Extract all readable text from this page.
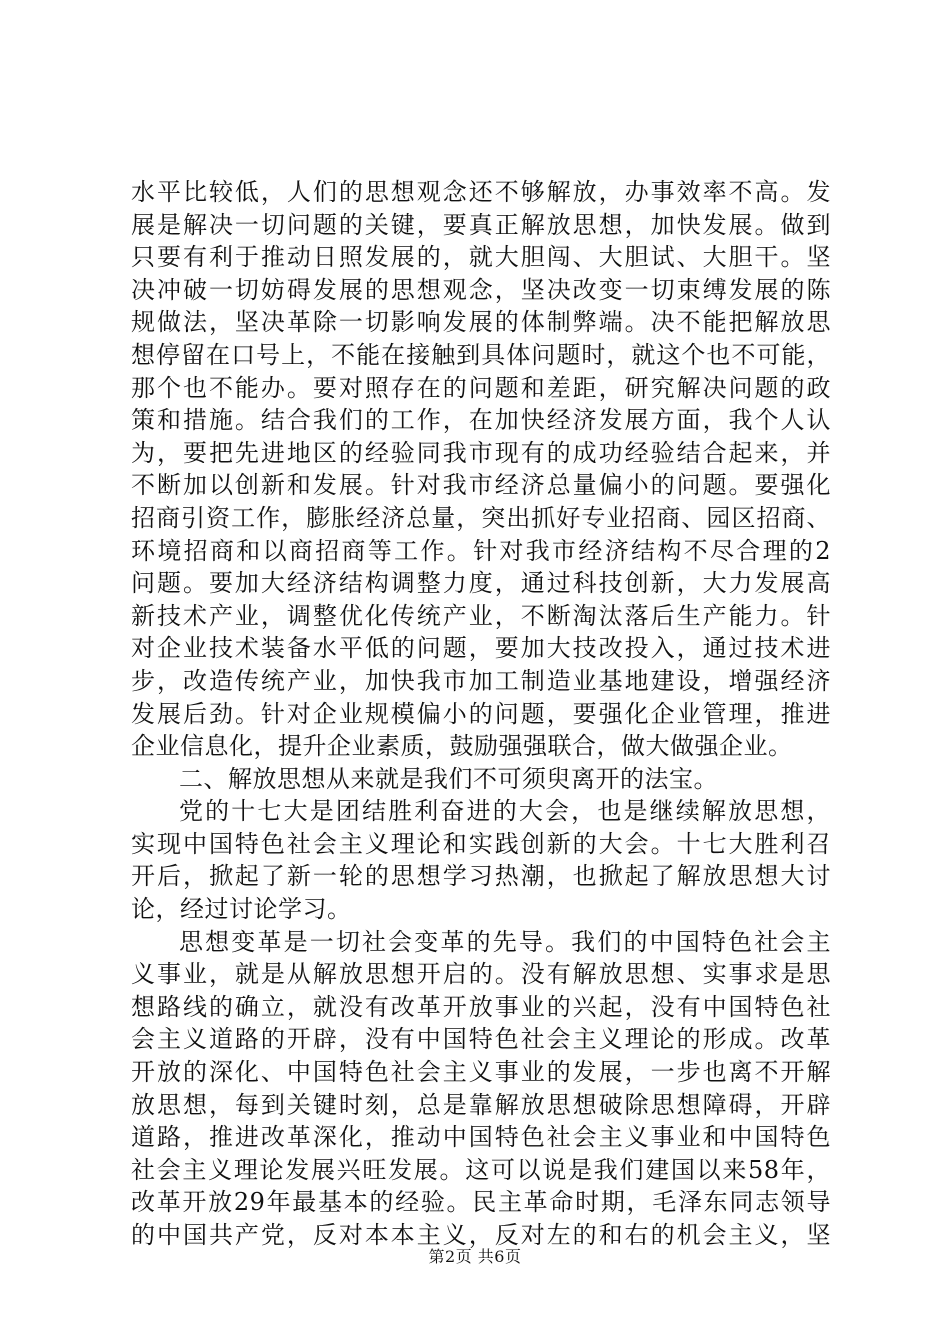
水平比较低，人们的思想观念还不够解放，办事效率不高。发
展是解决一切问题的关键，要真正解放思想，加快发展。做到
只要有利于推动日照发展的，就大胆闯、大胆试、大胆干。坚
决冲破一切妨碍发展的思想观念，坚决改变一切束缚发展的陈
规做法，坚决革除一切影响发展的体制弊端。决不能把解放思
想停留在口号上，不能在接触到具体问题时，就这个也不可能，
那个也不能办。要对照存在的问题和差距，研究解决问题的政
策和措施。结合我们的工作，在加快经济发展方面，我个人认
为，要把先进地区的经验同我市现有的成功经验结合起来，并
不断加以创新和发展。针对我市经济总量偏小的问题。要强化
招商引资工作，膨胀经济总量，突出抓好专业招商、园区招商、
环境招商和以商招商等工作。针对我市经济结构不尽合理的2
问题。要加大经济结构调整力度，通过科技创新，大力发展高
新技术产业，调整优化传统产业，不断淘汰落后生产能力。针
对企业技术装备水平低的问题，要加大技改投入，通过技术进
步，改造传统产业，加快我市加工制造业基地建设，增强经济
发展后劲。针对企业规模偏小的问题，要强化企业管理，推进
企业信息化，提升企业素质，鼓励强强联合，做大做强企业。
二、解放思想从来就是我们不可须臾离开的法宝。
党的十七大是团结胜利奋进的大会，也是继续解放思想，
实现中国特色社会主义理论和实践创新的大会。十七大胜利召
开后，掀起了新一轮的思想学习热潮，也掀起了解放思想大讨
论，经过讨论学习。
思想变革是一切社会变革的先导。我们的中国特色社会主
义事业，就是从解放思想开启的。没有解放思想、实事求是思
想路线的确立，就没有改革开放事业的兴起，没有中国特色社
会主义道路的开辟，没有中国特色社会主义理论的形成。改革
开放的深化、中国特色社会主义事业的发展，一步也离不开解
放思想，每到关键时刻，总是靠解放思想破除思想障碍，开辟
道路，推进改革深化，推动中国特色社会主义事业和中国特色
社会主义理论发展兴旺发展。这可以说是我们建国以来58年，
改革开放29年最基本的经验。民主革命时期，毛泽东同志领导
的中国共产党，反对本本主义，反对左的和右的机会主义，坚
第2页 共6页
